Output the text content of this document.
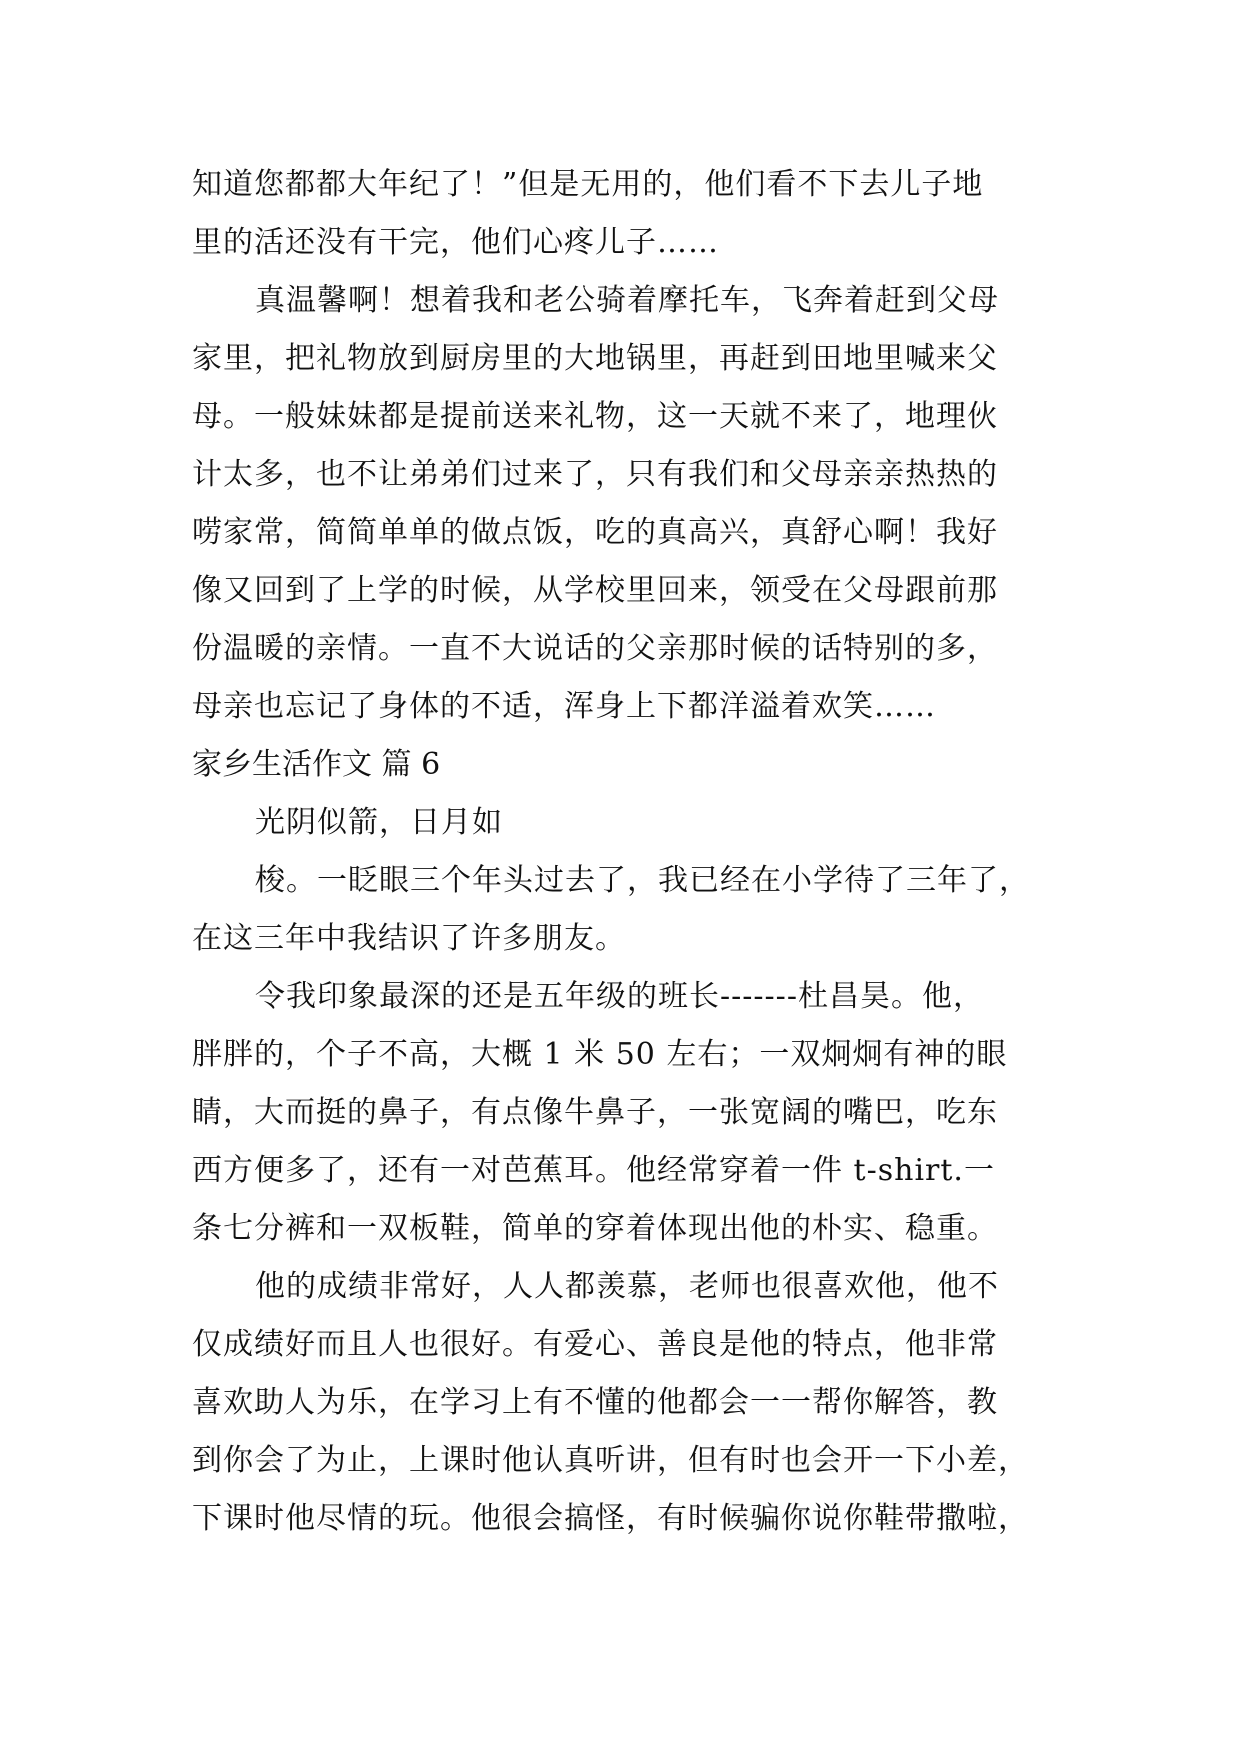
知道您都都大年纪了！”但是无用的，他们看不下去儿子地
里的活还没有干完，他们心疼儿子……
真温馨啊！想着我和老公骑着摩托车，飞奔着赶到父母
家里，把礼物放到厨房里的大地锅里，再赶到田地里喊来父
母。一般妹妹都是提前送来礼物，这一天就不来了，地理伙
计太多，也不让弟弟们过来了，只有我们和父母亲亲热热的
唠家常，简简单单的做点饭，吃的真高兴，真舒心啊！我好
像又回到了上学的时候，从学校里回来，领受在父母跟前那
份温暖的亲情。一直不大说话的父亲那时候的话特别的多，
母亲也忘记了身体的不适，浑身上下都洋溢着欢笑……
家乡生活作文 篇 6
光阴似箭，日月如
梭。一眨眼三个年头过去了，我已经在小学待了三年了，
在这三年中我结识了许多朋友。
令我印象最深的还是五年级的班长-------杜昌昊。他，
胖胖的，个子不高，大概 1 米 50 左右；一双炯炯有神的眼
睛，大而挺的鼻子，有点像牛鼻子，一张宽阔的嘴巴，吃东
西方便多了，还有一对芭蕉耳。他经常穿着一件 t-shirt.一
条七分裤和一双板鞋，简单的穿着体现出他的朴实、稳重。
他的成绩非常好，人人都羡慕，老师也很喜欢他，他不
仅成绩好而且人也很好。有爱心、善良是他的特点，他非常
喜欢助人为乐，在学习上有不懂的他都会一一帮你解答，教
到你会了为止，上课时他认真听讲，但有时也会开一下小差，
下课时他尽情的玩。他很会搞怪，有时候骗你说你鞋带撒啦，
